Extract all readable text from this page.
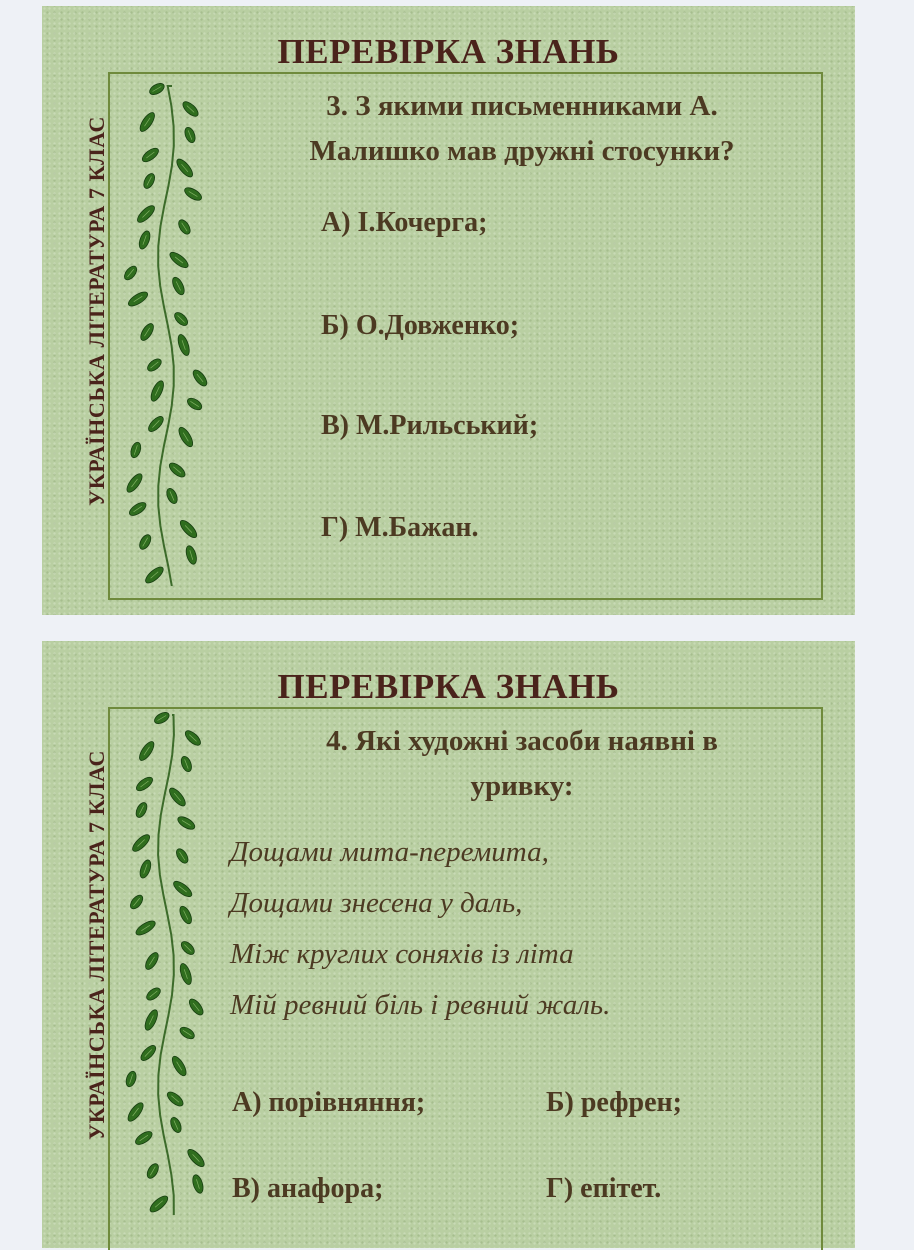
ПЕРЕВІРКА ЗНАНЬ
УКРАЇНСЬКА ЛІТЕРАТУРА 7 КЛАС
3. З якими письменниками А.
Малишко мав дружні стосунки?
А) І.Кочерга;
Б) О.Довженко;
В) М.Рильський;
Г) М.Бажан.
ПЕРЕВІРКА ЗНАНЬ
УКРАЇНСЬКА ЛІТЕРАТУРА 7 КЛАС
4. Які художні засоби наявні в
уривку:
Дощами мита-перемита,
Дощами знесена у даль,
Між круглих соняхів із літа
Мій ревний біль і ревний жаль.
А) порівняння;	Б) рефрен;
В) анафора;	Г) епітет.
